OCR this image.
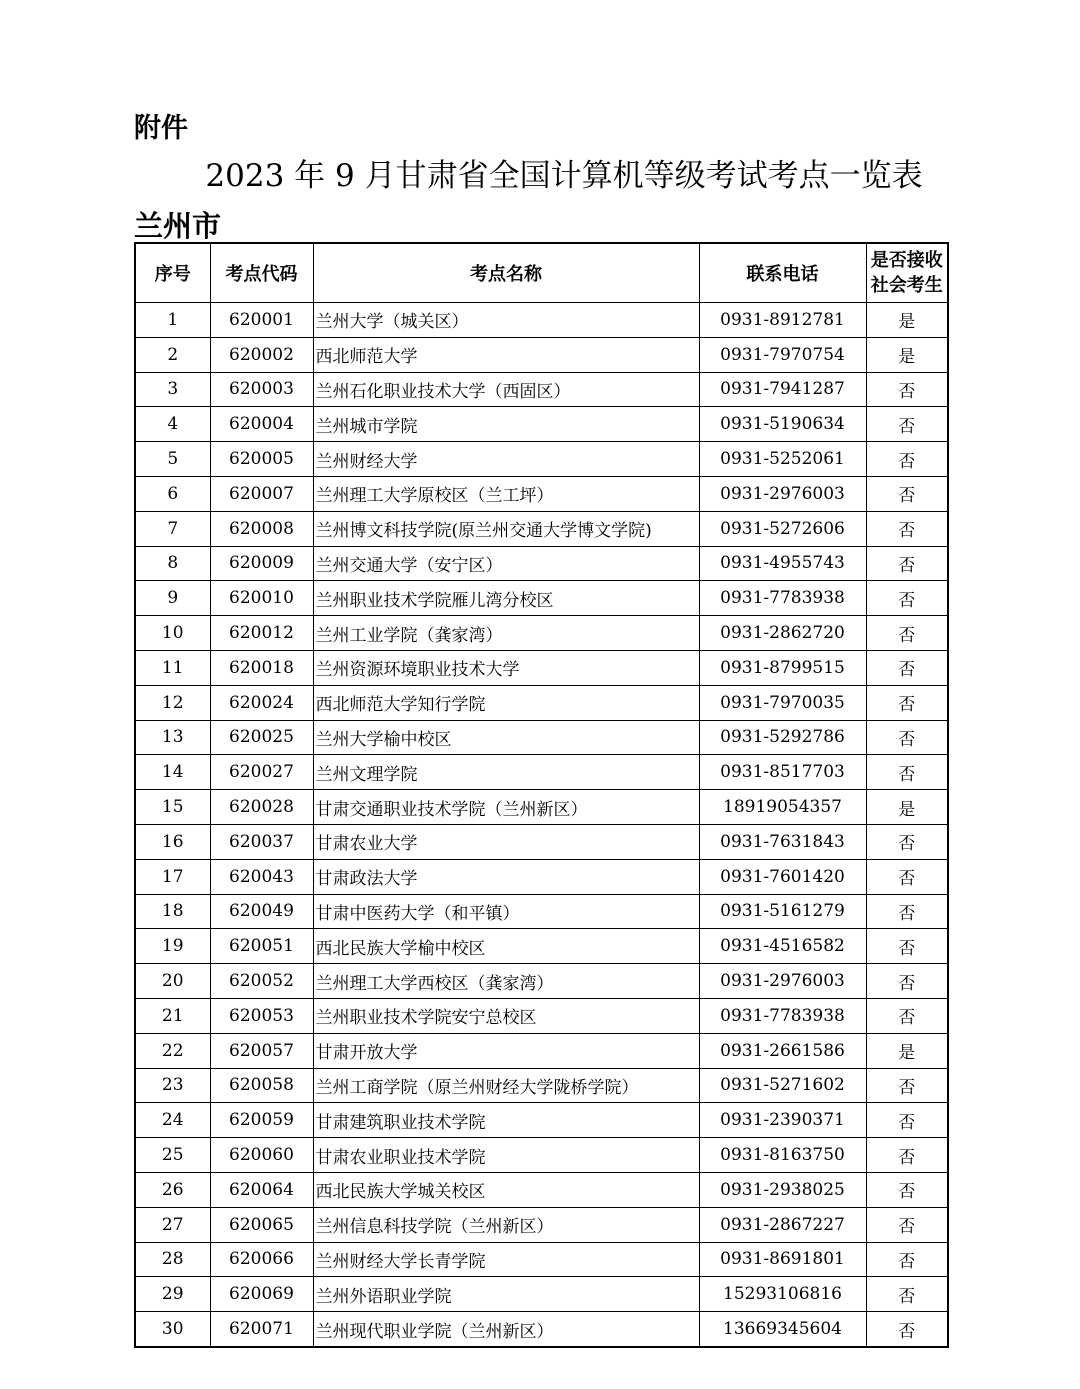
附件
2023 年 9 月甘肃省全国计算机等级考试考点一览表
兰州市
序号	考点代码	考点名称	联系电话	是否接收社会考生
1	620001	兰州大学（城关区）	0931-8912781	是
2	620002	西北师范大学	0931-7970754	是
3	620003	兰州石化职业技术大学（西固区）	0931-7941287	否
4	620004	兰州城市学院	0931-5190634	否
5	620005	兰州财经大学	0931-5252061	否
6	620007	兰州理工大学原校区（兰工坪）	0931-2976003	否
7	620008	兰州博文科技学院(原兰州交通大学博文学院)	0931-5272606	否
8	620009	兰州交通大学（安宁区）	0931-4955743	否
9	620010	兰州职业技术学院雁儿湾分校区	0931-7783938	否
10	620012	兰州工业学院（龚家湾）	0931-2862720	否
11	620018	兰州资源环境职业技术大学	0931-8799515	否
12	620024	西北师范大学知行学院	0931-7970035	否
13	620025	兰州大学榆中校区	0931-5292786	否
14	620027	兰州文理学院	0931-8517703	否
15	620028	甘肃交通职业技术学院（兰州新区）	18919054357	是
16	620037	甘肃农业大学	0931-7631843	否
17	620043	甘肃政法大学	0931-7601420	否
18	620049	甘肃中医药大学（和平镇）	0931-5161279	否
19	620051	西北民族大学榆中校区	0931-4516582	否
20	620052	兰州理工大学西校区（龚家湾）	0931-2976003	否
21	620053	兰州职业技术学院安宁总校区	0931-7783938	否
22	620057	甘肃开放大学	0931-2661586	是
23	620058	兰州工商学院（原兰州财经大学陇桥学院）	0931-5271602	否
24	620059	甘肃建筑职业技术学院	0931-2390371	否
25	620060	甘肃农业职业技术学院	0931-8163750	否
26	620064	西北民族大学城关校区	0931-2938025	否
27	620065	兰州信息科技学院（兰州新区）	0931-2867227	否
28	620066	兰州财经大学长青学院	0931-8691801	否
29	620069	兰州外语职业学院	15293106816	否
30	620071	兰州现代职业学院（兰州新区）	13669345604	否
